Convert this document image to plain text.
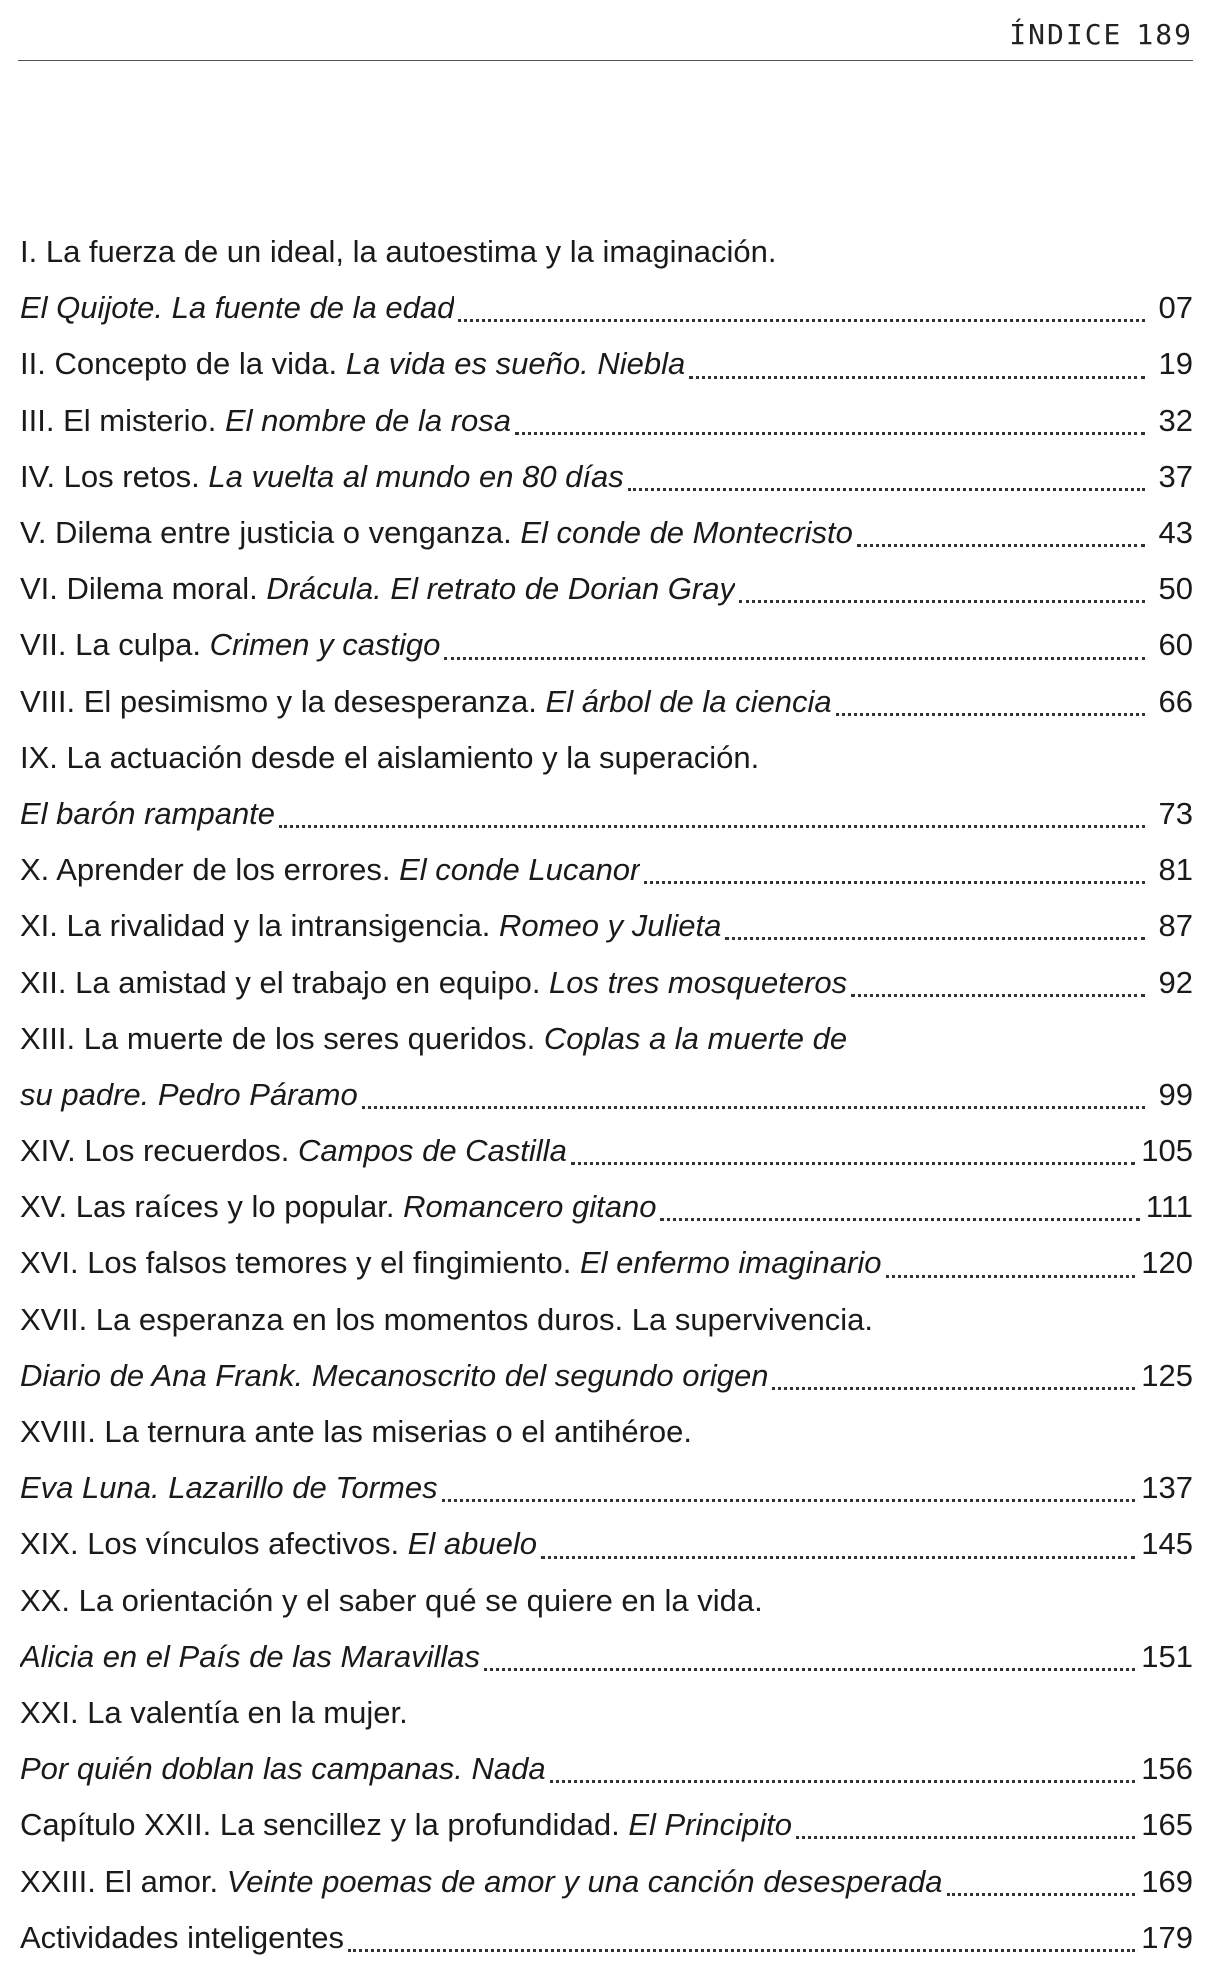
ÍNDICE 189
I. La fuerza de un ideal, la autoestima y la imaginación.
El Quijote. La fuente de la edad	07
II. Concepto de la vida. La vida es sueño. Niebla	19
III. El misterio. El nombre de la rosa	32
IV. Los retos. La vuelta al mundo en 80 días	37
V. Dilema entre justicia o venganza. El conde de Montecristo	43
VI. Dilema moral. Drácula. El retrato de Dorian Gray	50
VII. La culpa. Crimen y castigo	60
VIII. El pesimismo y la desesperanza. El árbol de la ciencia	66
IX. La actuación desde el aislamiento y la superación.
El barón rampante	73
X. Aprender de los errores. El conde Lucanor	81
XI. La rivalidad y la intransigencia. Romeo y Julieta	87
XII. La amistad y el trabajo en equipo. Los tres mosqueteros	92
XIII. La muerte de los seres queridos. Coplas a la muerte de
su padre. Pedro Páramo	99
XIV. Los recuerdos. Campos de Castilla	105
XV. Las raíces y lo popular. Romancero gitano	111
XVI. Los falsos temores y el fingimiento. El enfermo imaginario	120
XVII. La esperanza en los momentos duros. La supervivencia.
Diario de Ana Frank. Mecanoscrito del segundo origen	125
XVIII. La ternura ante las miserias o el antihéroe.
Eva Luna. Lazarillo de Tormes	137
XIX. Los vínculos afectivos. El abuelo	145
XX. La orientación y el saber qué se quiere en la vida.
Alicia en el País de las Maravillas	151
XXI. La valentía en la mujer.
Por quién doblan las campanas. Nada	156
Capítulo XXII. La sencillez y la profundidad. El Principito	165
XXIII. El amor. Veinte poemas de amor y una canción desesperada	169
Actividades inteligentes	179
